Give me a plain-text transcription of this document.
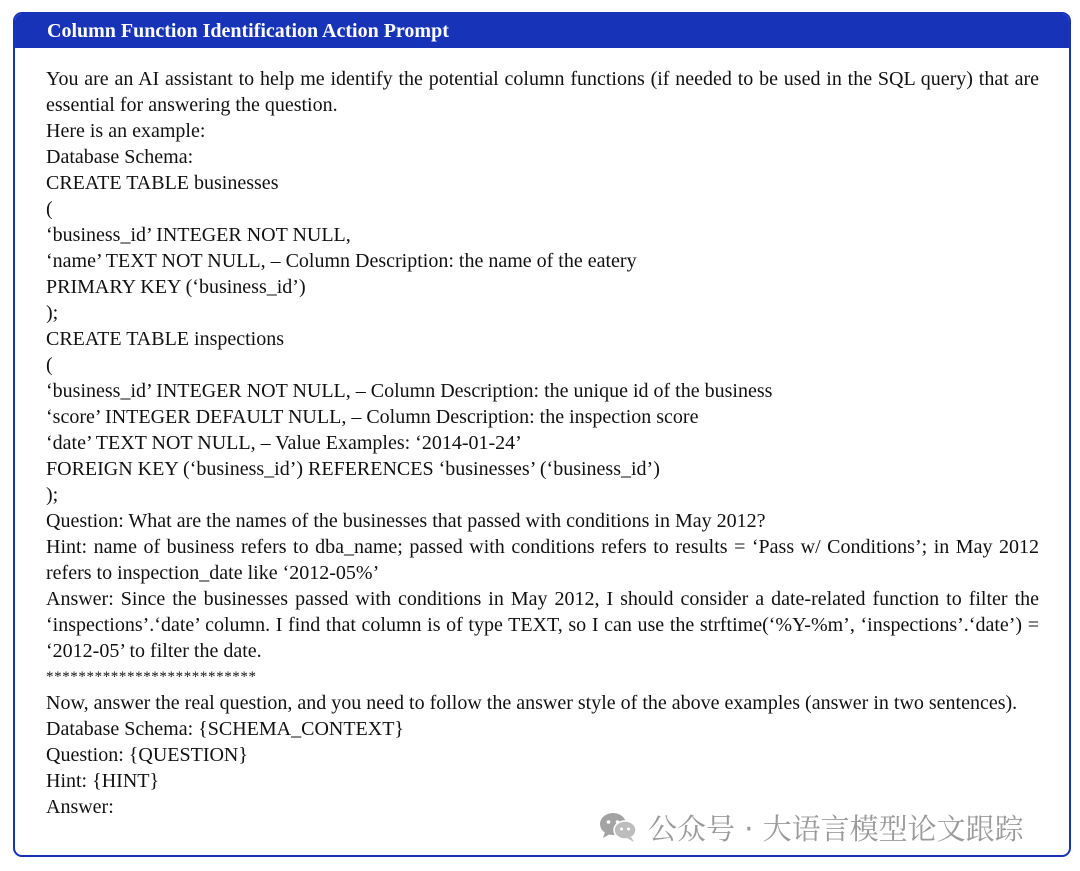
Column Function Identification Action Prompt
You are an AI assistant to help me identify the potential column functions (if needed to be used in the SQL query) that are essential for answering the question.
Here is an example:
Database Schema:
CREATE TABLE businesses
(
‘business_id’ INTEGER NOT NULL,
‘name’ TEXT NOT NULL, – Column Description: the name of the eatery
PRIMARY KEY (‘business_id’)
);
CREATE TABLE inspections
(
‘business_id’ INTEGER NOT NULL, – Column Description: the unique id of the business
‘score’ INTEGER DEFAULT NULL, – Column Description: the inspection score
‘date’ TEXT NOT NULL, – Value Examples: ‘2014-01-24’
FOREIGN KEY (‘business_id’) REFERENCES ‘businesses’ (‘business_id’)
);
Question: What are the names of the businesses that passed with conditions in May 2012?
Hint: name of business refers to dba_name; passed with conditions refers to results = ‘Pass w/ Conditions’; in May 2012 refers to inspection_date like ‘2012-05%’
Answer: Since the businesses passed with conditions in May 2012, I should consider a date-related function to filter the ‘inspections’.‘date’ column. I find that column is of type TEXT, so I can use the strftime(‘%Y-%m’, ‘inspections’.‘date’) = ‘2012-05’ to filter the date.
**************************
Now, answer the real question, and you need to follow the answer style of the above examples (answer in two sentences).
Database Schema: {SCHEMA_CONTEXT}
Question: {QUESTION}
Hint: {HINT}
Answer:
公众号 · 大语言模型论文跟踪
